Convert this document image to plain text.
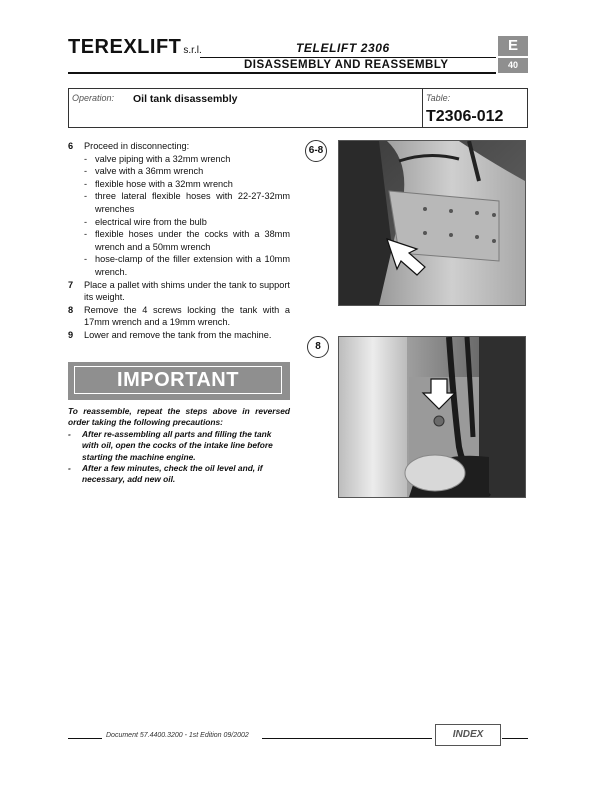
TEREXLIFT s.r.l.	TELELIFT 2306
DISASSEMBLY AND REASSEMBLY
E
40
Operation: Oil tank disassembly	Table:
T2306-012
6	Proceed in disconnecting:
- valve piping with a 32mm wrench
- valve with a 36mm wrench
- flexible hose with a 32mm wrench
- three lateral flexible hoses with 22-27-32mm wrenches
- electrical wire from the bulb
- flexible hoses under the cocks with a 38mm wrench and a 50mm wrench
- hose-clamp of the filler extension with a 10mm wrench.
7	Place a pallet with shims under the tank to support its weight.
8	Remove the 4 screws locking the tank with a 17mm wrench and a 19mm wrench.
9	Lower and remove the tank from the machine.
IMPORTANT
To reassemble, repeat the steps above in reversed order taking the following precautions:
-	After re-assembling all parts and filling the tank with oil, open the cocks of the intake line before starting the machine engine.
-	After a few minutes, check the oil level and, if necessary, add new oil.
6-8
8
Document 57.4400.3200 - 1st Edition 09/2002	INDEX
